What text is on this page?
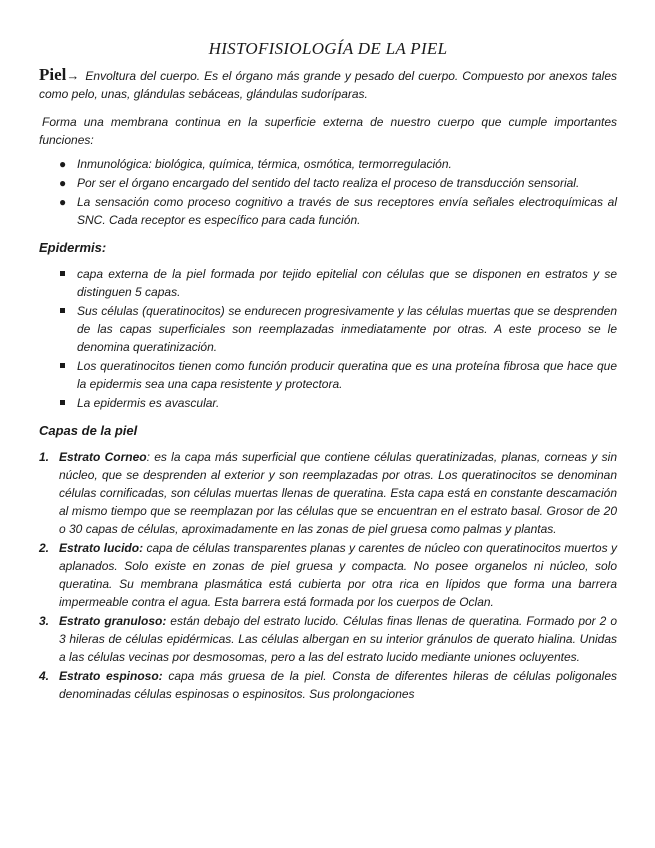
HISTOFISIOLOGÍA DE LA PIEL

Piel→ Envoltura del cuerpo. Es el órgano más grande y pesado del cuerpo. Compuesto por anexos tales como pelo, unas, glándulas sebáceas, glándulas sudoríparas.

Forma una membrana continua en la superficie externa de nuestro cuerpo que cumple importantes funciones:

● Inmunológica: biológica, química, térmica, osmótica, termorregulación.
● Por ser el órgano encargado del sentido del tacto realiza el proceso de transducción sensorial.
● La sensación como proceso cognitivo a través de sus receptores envía señales electroquímicas al SNC. Cada receptor es específico para cada función.
Epidermis:
capa externa de la piel formada por tejido epitelial con células que se disponen en estratos y se distinguen 5 capas.
Sus células (queratinocitos) se endurecen progresivamente y las células muertas que se desprenden de las capas superficiales son reemplazadas inmediatamente por otras. A este proceso se le denomina queratinización.
Los queratinocitos tienen como función producir queratina que es una proteína fibrosa que hace que la epidermis sea una capa resistente y protectora.
La epidermis es avascular.
Capas de la piel
1. Estrato Corneo: es la capa más superficial que contiene células queratinizadas, planas, corneas y sin núcleo, que se desprenden al exterior y son reemplazadas por otras. Los queratinocitos se denominan células cornificadas, son células muertas llenas de queratina. Esta capa está en constante descamación al mismo tiempo que se reemplazan por las células que se encuentran en el estrato basal. Grosor de 20 o 30 capas de células, aproximadamente en las zonas de piel gruesa como palmas y plantas.
2. Estrato lucido: capa de células transparentes planas y carentes de núcleo con queratinocitos muertos y aplanados. Solo existe en zonas de piel gruesa y compacta. No posee organelos ni núcleo, solo queratina. Su membrana plasmática está cubierta por otra rica en lípidos que forma una barrera impermeable contra el agua. Esta barrera está formada por los cuerpos de Oclan.
3. Estrato granuloso: están debajo del estrato lucido. Células finas llenas de queratina. Formado por 2 o 3 hileras de células epidérmicas. Las células albergan en su interior gránulos de querato hialina. Unidas a las células vecinas por desmosomas, pero a las del estrato lucido mediante uniones ocluyentes.
4. Estrato espinoso: capa más gruesa de la piel. Consta de diferentes hileras de células poligonales denominadas células espinosas o espinositos. Sus prolongaciones
